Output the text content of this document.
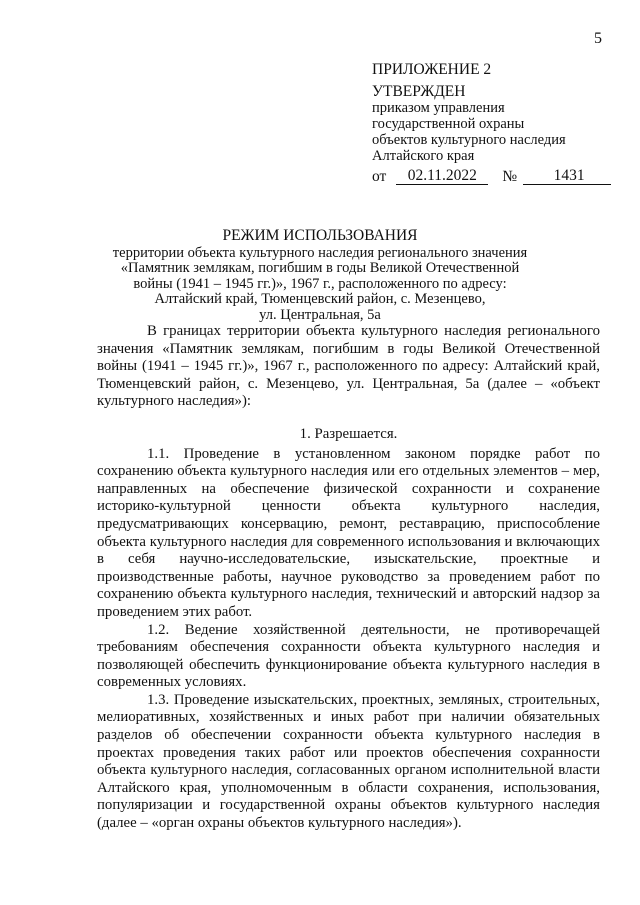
5
ПРИЛОЖЕНИЕ 2
УТВЕРЖДЕН
приказом управления
государственной охраны
объектов культурного наследия
Алтайского края
от	02.11.2022	№	1431
РЕЖИМ ИСПОЛЬЗОВАНИЯ
территории объекта культурного наследия регионального значения
«Памятник землякам, погибшим в годы Великой Отечественной
войны (1941 – 1945 гг.)», 1967 г., расположенного по адресу:
Алтайский край, Тюменцевский район, с. Мезенцево,
ул. Центральная, 5а

В границах территории объекта культурного наследия регионального значения «Памятник землякам, погибшим в годы Великой Отечественной войны (1941 – 1945 гг.)», 1967 г., расположенного по адресу: Алтайский край, Тюменцевский район, с. Мезенцево, ул. Центральная, 5а (далее – «объект культурного наследия»):

1. Разрешается.

1.1. Проведение в установленном законом порядке работ по сохранению объекта культурного наследия или его отдельных элементов – мер, направленных на обеспечение физической сохранности и сохранение историко-культурной ценности объекта культурного наследия, предусматривающих консервацию, ремонт, реставрацию, приспособление объекта культурного наследия для современного использования и включающих в себя научно-исследовательские, изыскательские, проектные и производственные работы, научное руководство за проведением работ по сохранению объекта культурного наследия, технический и авторский надзор за проведением этих работ.

1.2. Ведение хозяйственной деятельности, не противоречащей требованиям обеспечения сохранности объекта культурного наследия и позволяющей обеспечить функционирование объекта культурного наследия в современных условиях.

1.3. Проведение изыскательских, проектных, земляных, строительных, мелиоративных, хозяйственных и иных работ при наличии обязательных разделов об обеспечении сохранности объекта культурного наследия в проектах проведения таких работ или проектов обеспечения сохранности объекта культурного наследия, согласованных органом исполнительной власти Алтайского края, уполномоченным в области сохранения, использования, популяризации и государственной охраны объектов культурного наследия (далее – «орган охраны объектов культурного наследия»).
